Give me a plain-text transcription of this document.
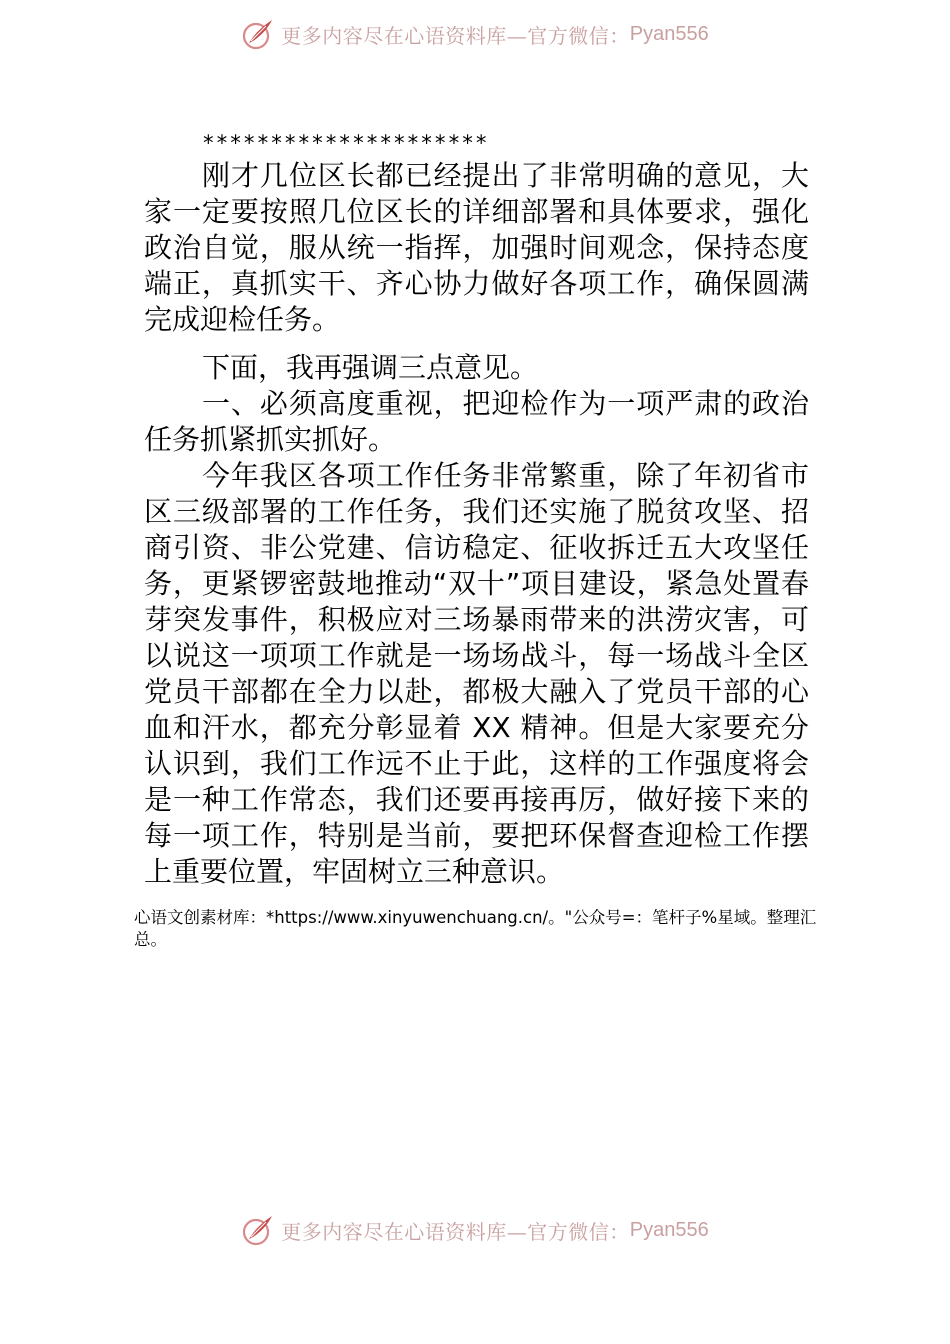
更多内容尽在心语资料库—官方微信： Pyan556
*********************

刚才几位区长都已经提出了非常明确的意见，大家一定要按照几位区长的详细部署和具体要求，强化政治自觉，服从统一指挥，加强时间观念，保持态度端正，真抓实干、齐心协力做好各项工作，确保圆满完成迎检任务。

下面，我再强调三点意见。

一、必须高度重视，把迎检作为一项严肃的政治任务抓紧抓实抓好。

今年我区各项工作任务非常繁重，除了年初省市区三级部署的工作任务，我们还实施了脱贫攻坚、招商引资、非公党建、信访稳定、征收拆迁五大攻坚任务，更紧锣密鼓地推动“双十”项目建设，紧急处置春芽突发事件，积极应对三场暴雨带来的洪涝灾害，可以说这一项项工作就是一场场战斗，每一场战斗全区党员干部都在全力以赴，都极大融入了党员干部的心血和汗水，都充分彰显着 XX 精神。但是大家要充分认识到，我们工作远不止于此，这样的工作强度将会是一种工作常态，我们还要再接再厉，做好接下来的每一项工作，特别是当前，要把环保督查迎检工作摆上重要位置，牢固树立三种意识。

心语文创素材库：*https://www.xinyuwenchuang.cn/。"公众号=：笔杆子%星域。整理汇总。
更多内容尽在心语资料库—官方微信： Pyan556
